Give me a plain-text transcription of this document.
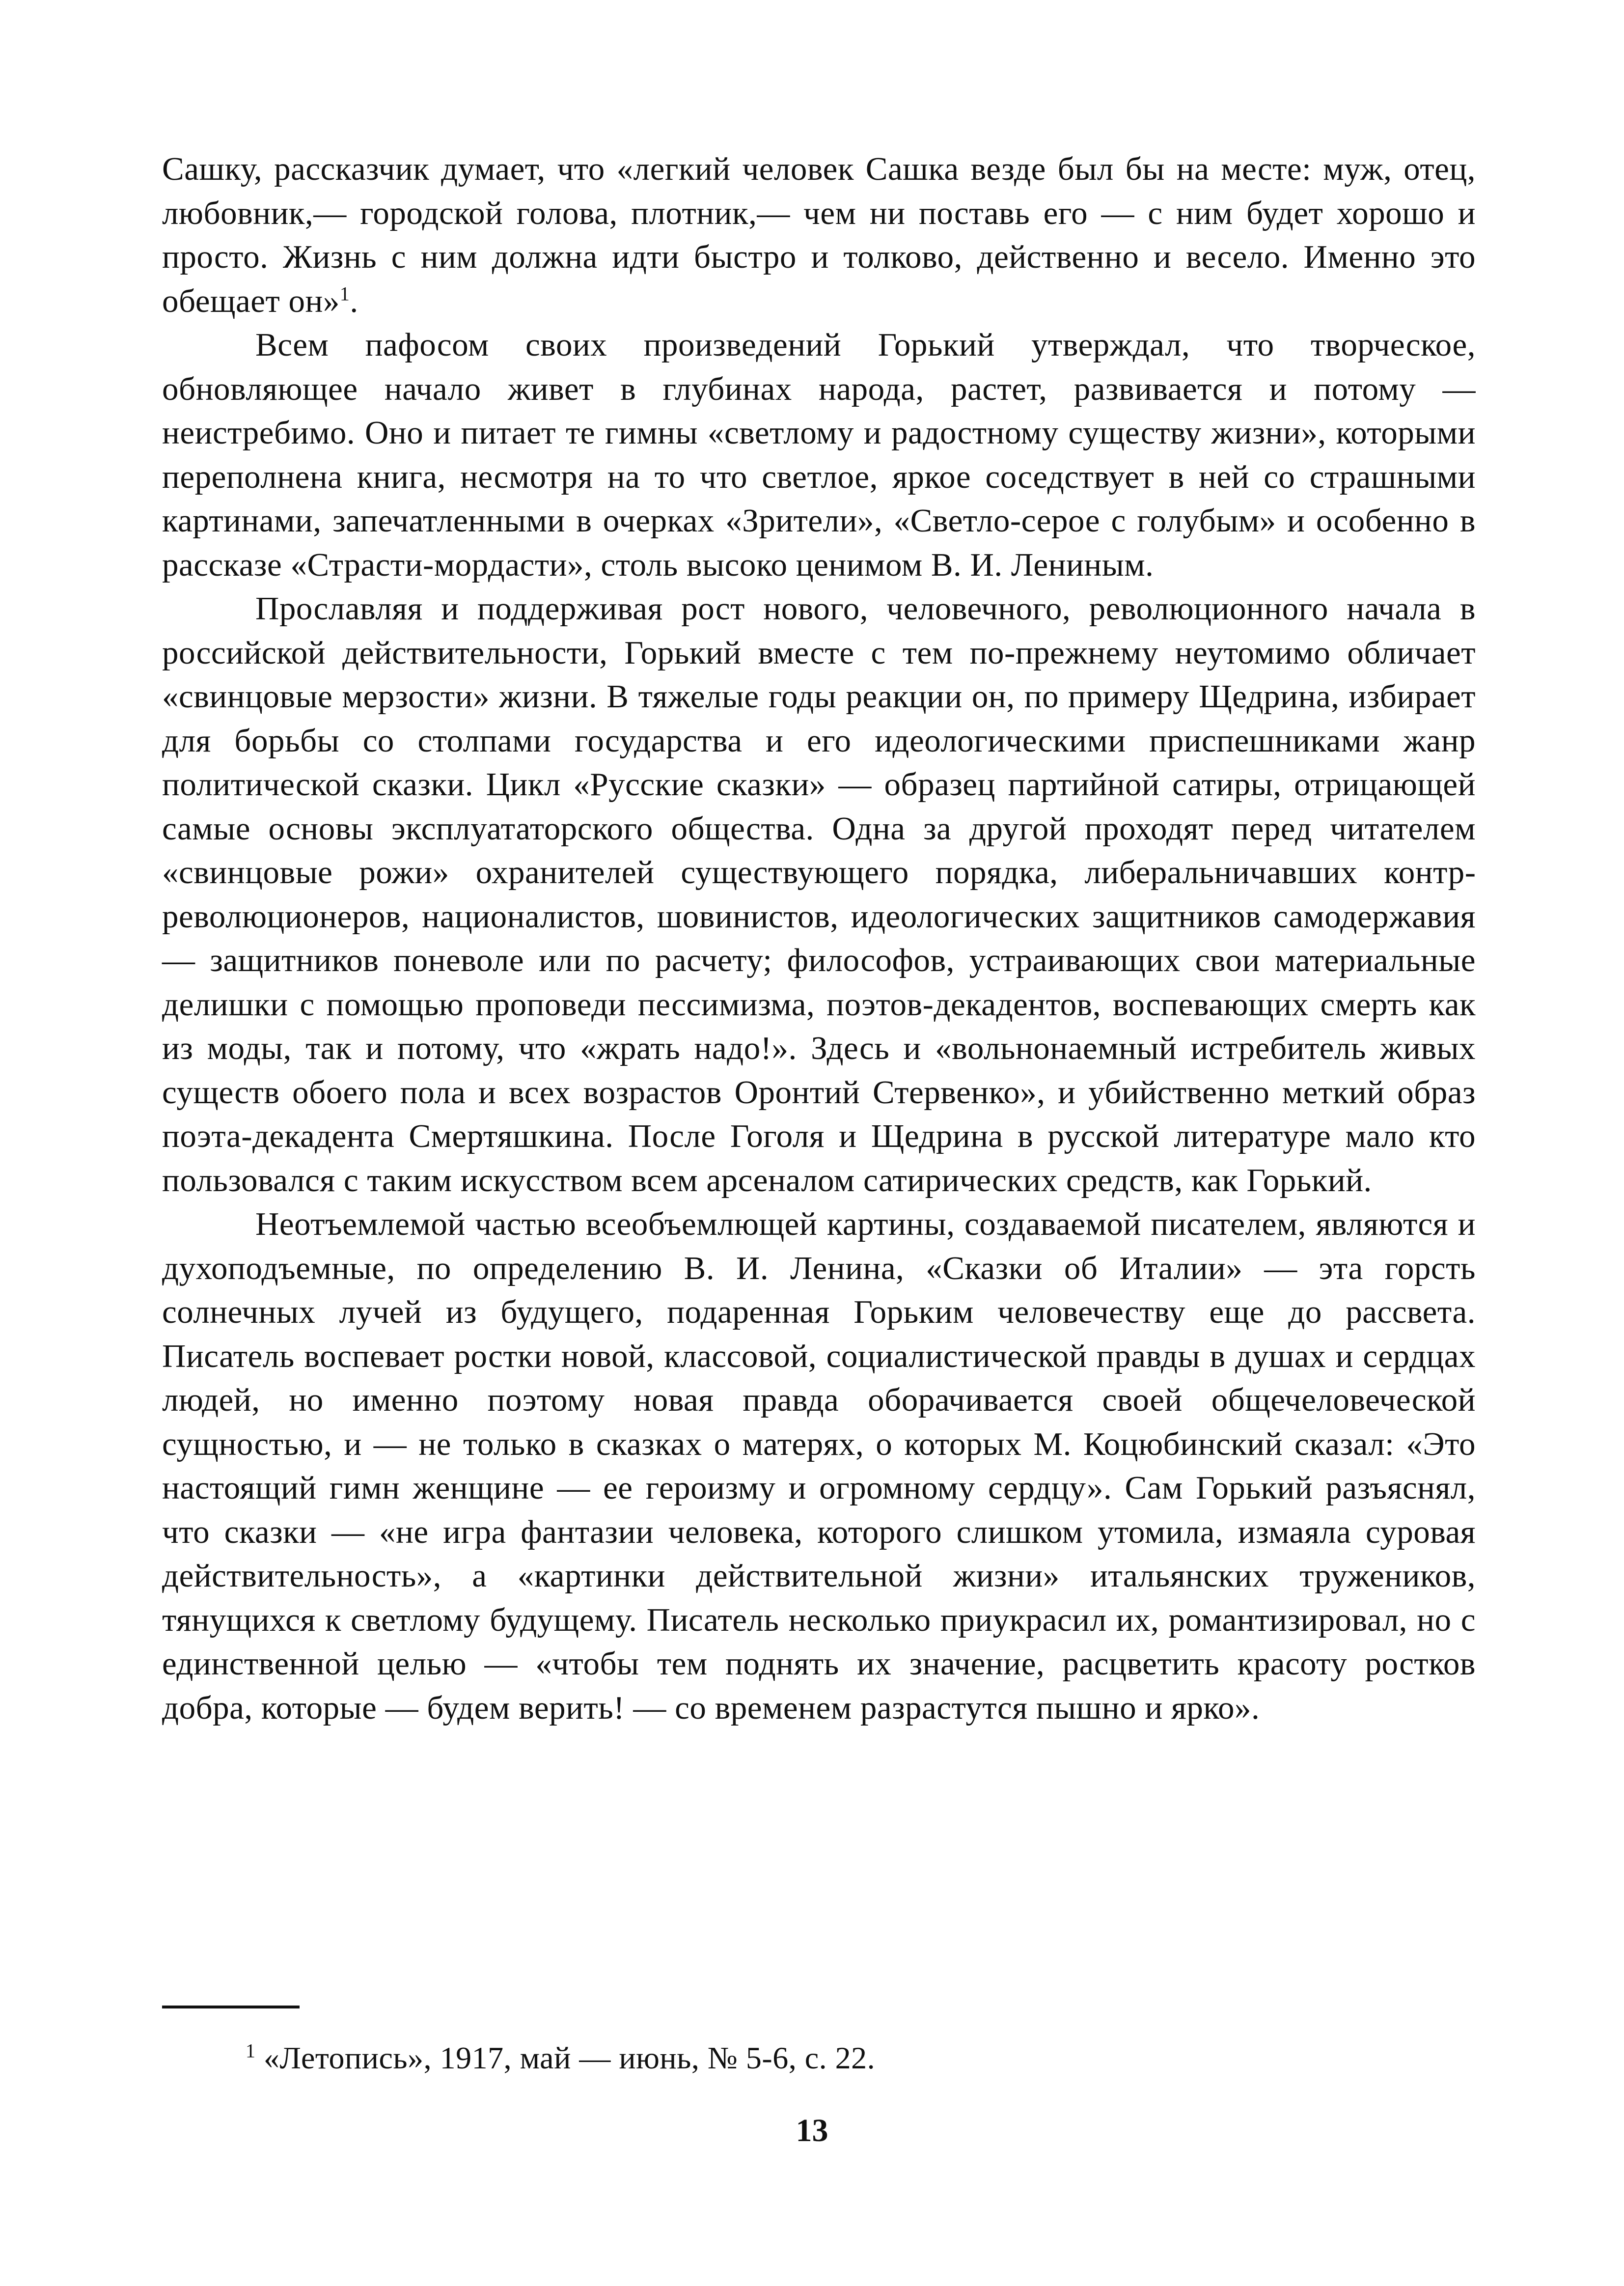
Сашку, рассказчик думает, что «легкий человек Сашка везде был бы на месте: муж, отец, любовник,— городской голова, плотник,— чем ни поставь его — с ним будет хорошо и просто. Жизнь с ним должна идти быстро и толково, действенно и весело. Именно это обещает он»$^1$.

Всем пафосом своих произведений Горький утверждал, что творческое, обновляющее начало живет в глубинах народа, растет, развивается и потому — неистребимо. Оно и питает те гимны «светлому и радостному существу жизни», которыми переполнена книга, несмотря на то что светлое, яркое соседствует в ней со страшными картинами, запечатленными в очерках «Зрители», «Светло-серое с голубым» и особенно в рассказе «Страсти-мордасти», столь высоко ценимом В. И. Лениным.

Прославляя и поддерживая рост нового, человечного, революционного начала в российской действительности, Горький вместе с тем по-прежнему неутомимо обличает «свинцовые мерзости» жизни. В тяжелые годы реакции он, по примеру Щедрина, избирает для борьбы со столпами государства и его идеологическими приспешниками жанр политической сказки. Цикл «Русские сказки» — образец партийной сатиры, отрицающей самые основы эксплуататорского общества. Одна за другой проходят перед читателем «свинцовые рожи» охранителей существующего порядка, либеральничавших контрреволюционеров, националистов, шовинистов, идеологических защитников самодержавия — защитников поневоле или по расчету; философов, устраивающих свои материальные делишки с помощью проповеди пессимизма, поэтов-декадентов, воспевающих смерть как из моды, так и потому, что «жрать надо!». Здесь и «вольнонаемный истребитель живых существ обоего пола и всех возрастов Оронтий Стервенко», и убийственно меткий образ поэта-декадента Смертяшкина. После Гоголя и Щедрина в русской литературе мало кто пользовался с таким искусством всем арсеналом сатирических средств, как Горький.

Неотъемлемой частью всеобъемлющей картины, создаваемой писателем, являются и духоподъемные, по определению В. И. Ленина, «Сказки об Италии» — эта горсть солнечных лучей из будущего, подаренная Горьким человечеству еще до рассвета. Писатель воспевает ростки новой, классовой, социалистической правды в душах и сердцах людей, но именно поэтому новая правда оборачивается своей общечеловеческой сущностью, и — не только в сказках о матерях, о которых М. Коцюбинский сказал: «Это настоящий гимн женщине — ее героизму и огромному сердцу». Сам Горький разъяснял, что сказки — «не игра фантазии человека, которого слишком утомила, измаяла суровая действительность», а «картинки действительной жизни» итальянских тружеников, тянущихся к светлому будущему. Писатель несколько приукрасил их, романтизировал, но с единственной целью — «чтобы тем поднять их значение, расцветить красоту ростков добра, которые — будем верить! — со временем разрастутся пышно и ярко».

$^1$ «Летопись», 1917, май — июнь, № 5-6, с. 22.
13
